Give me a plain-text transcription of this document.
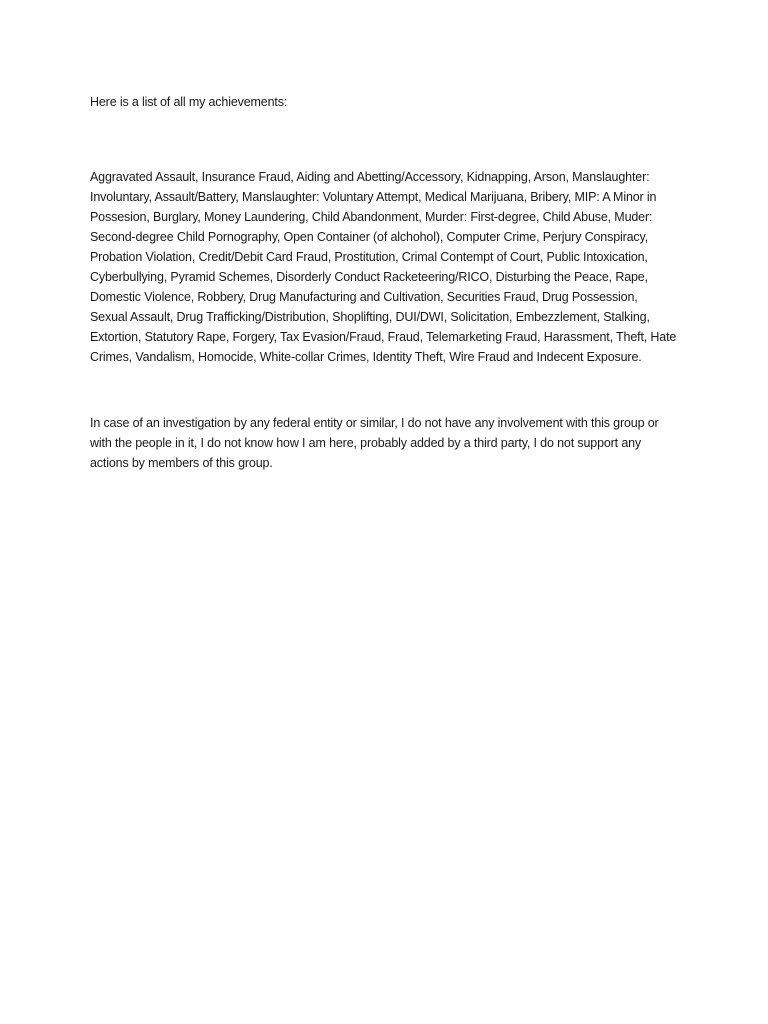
Here is a list of all my achievements:

Aggravated Assault, Insurance Fraud, Aiding and Abetting/Accessory, Kidnapping, Arson, Manslaughter: Involuntary, Assault/Battery, Manslaughter: Voluntary Attempt, Medical Marijuana, Bribery, MIP: A Minor in Possesion, Burglary, Money Laundering, Child Abandonment, Murder: First-degree, Child Abuse, Muder: Second-degree Child Pornography, Open Container (of alchohol), Computer Crime, Perjury Conspiracy, Probation Violation, Credit/Debit Card Fraud, Prostitution, Crimal Contempt of Court, Public Intoxication, Cyberbullying, Pyramid Schemes, Disorderly Conduct Racketeering/RICO, Disturbing the Peace, Rape, Domestic Violence, Robbery, Drug Manufacturing and Cultivation, Securities Fraud, Drug Possession, Sexual Assault, Drug Trafficking/Distribution, Shoplifting, DUI/DWI, Solicitation, Embezzlement, Stalking, Extortion, Statutory Rape, Forgery, Tax Evasion/Fraud, Fraud, Telemarketing Fraud, Harassment, Theft, Hate Crimes, Vandalism, Homocide, White-collar Crimes, Identity Theft, Wire Fraud and Indecent Exposure.

In case of an investigation by any federal entity or similar, I do not have any involvement with this group or with the people in it, I do not know how I am here, probably added by a third party, I do not support any actions by members of this group.
